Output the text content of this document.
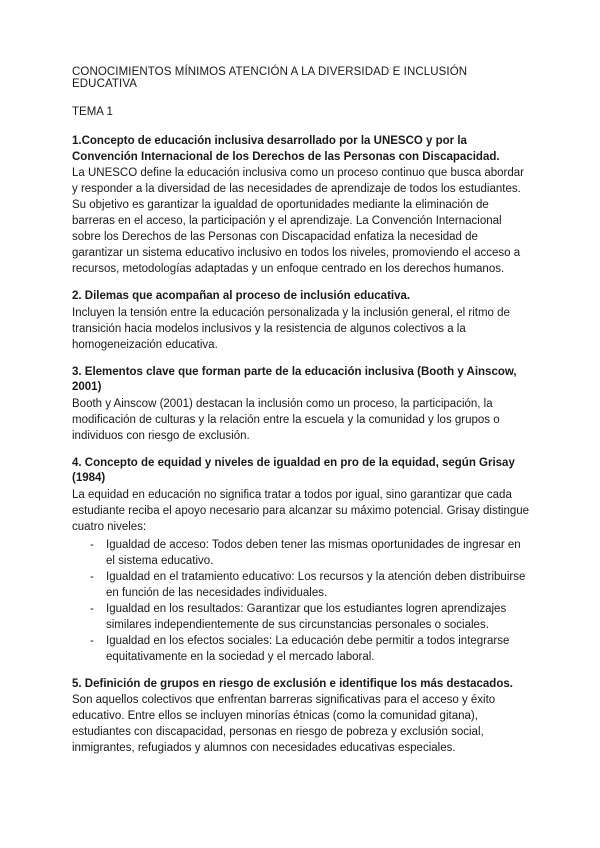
CONOCIMIENTOS MÍNIMOS ATENCIÓN A LA DIVERSIDAD E INCLUSIÓN EDUCATIVA

TEMA 1

1.Concepto de educación inclusiva desarrollado por la UNESCO y por la Convención Internacional de los Derechos de las Personas con Discapacidad.

La UNESCO define la educación inclusiva como un proceso continuo que busca abordar y responder a la diversidad de las necesidades de aprendizaje de todos los estudiantes. Su objetivo es garantizar la igualdad de oportunidades mediante la eliminación de barreras en el acceso, la participación y el aprendizaje. La Convención Internacional sobre los Derechos de las Personas con Discapacidad enfatiza la necesidad de garantizar un sistema educativo inclusivo en todos los niveles, promoviendo el acceso a recursos, metodologías adaptadas y un enfoque centrado en los derechos humanos.

2. Dilemas que acompañan al proceso de inclusión educativa.

Incluyen la tensión entre la educación personalizada y la inclusión general, el ritmo de transición hacia modelos inclusivos y la resistencia de algunos colectivos a la homogeneización educativa.

3. Elementos clave que forman parte de la educación inclusiva (Booth y Ainscow, 2001)

Booth y Ainscow (2001) destacan la inclusión como un proceso, la participación, la modificación de culturas y la relación entre la escuela y la comunidad y los grupos o individuos con riesgo de exclusión.

4. Concepto de equidad y niveles de igualdad en pro de la equidad, según Grisay (1984)

La equidad en educación no significa tratar a todos por igual, sino garantizar que cada estudiante reciba el apoyo necesario para alcanzar su máximo potencial. Grisay distingue cuatro niveles:

- Igualdad de acceso: Todos deben tener las mismas oportunidades de ingresar en el sistema educativo.
- Igualdad en el tratamiento educativo: Los recursos y la atención deben distribuirse en función de las necesidades individuales.
- Igualdad en los resultados: Garantizar que los estudiantes logren aprendizajes similares independientemente de sus circunstancias personales o sociales.
- Igualdad en los efectos sociales: La educación debe permitir a todos integrarse equitativamente en la sociedad y el mercado laboral.

5. Definición de grupos en riesgo de exclusión e identifique los más destacados.

Son aquellos colectivos que enfrentan barreras significativas para el acceso y éxito educativo. Entre ellos se incluyen minorías étnicas (como la comunidad gitana), estudiantes con discapacidad, personas en riesgo de pobreza y exclusión social, inmigrantes, refugiados y alumnos con necesidades educativas especiales.
